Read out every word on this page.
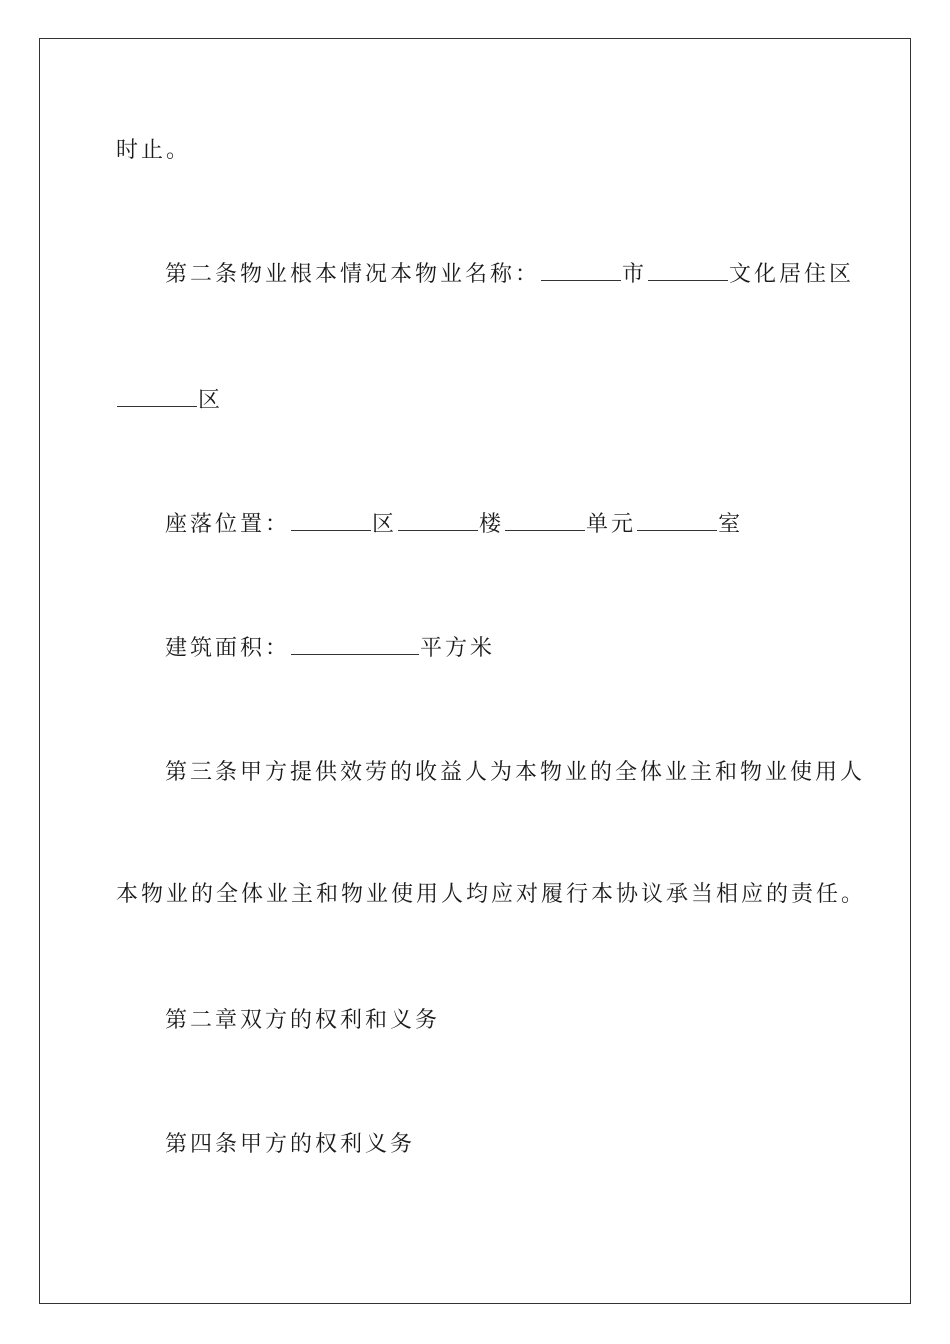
时止。
第二条物业根本情况本物业名称：	市	文化居住区
区
座落位置：	区	楼	单元	室
建筑面积：	平方米
第三条甲方提供效劳的收益人为本物业的全体业主和物业使用人
本物业的全体业主和物业使用人均应对履行本协议承当相应的责任。
第二章双方的权利和义务
第四条甲方的权利义务
